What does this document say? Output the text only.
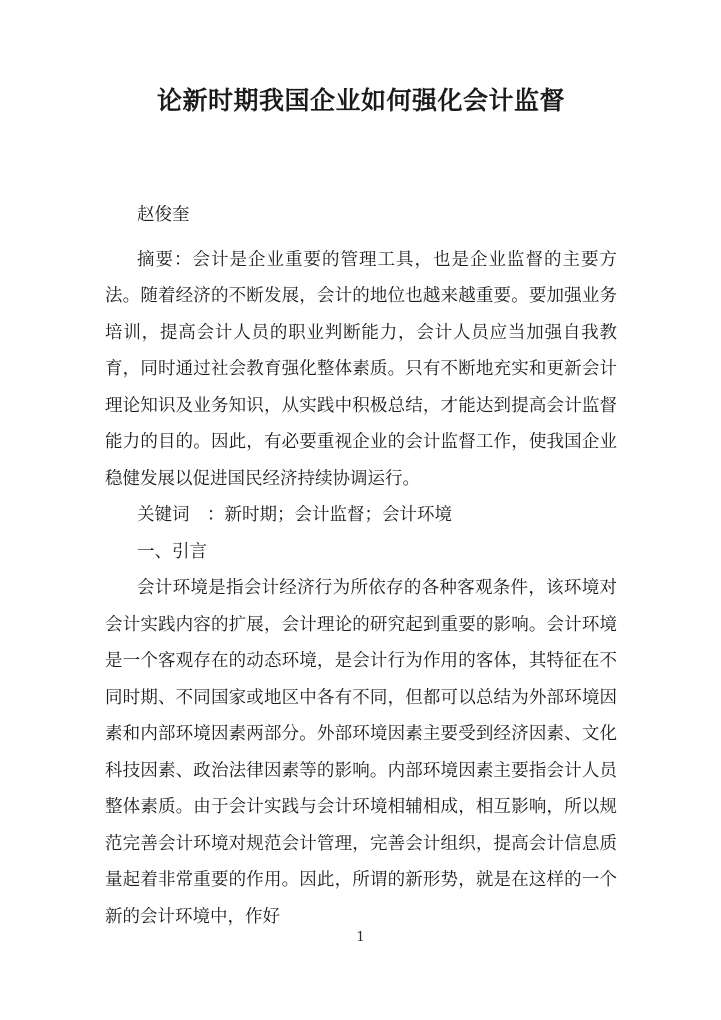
论新时期我国企业如何强化会计监督

赵俊奎

摘要：会计是企业重要的管理工具，也是企业监督的主要方法。随着经济的不断发展，会计的地位也越来越重要。要加强业务培训，提高会计人员的职业判断能力，会计人员应当加强自我教育，同时通过社会教育强化整体素质。只有不断地充实和更新会计理论知识及业务知识，从实践中积极总结，才能达到提高会计监督能力的目的。因此，有必要重视企业的会计监督工作，使我国企业稳健发展以促进国民经济持续协调运行。

关键词　：新时期；会计监督；会计环境

一、引言

会计环境是指会计经济行为所依存的各种客观条件，该环境对会计实践内容的扩展，会计理论的研究起到重要的影响。会计环境是一个客观存在的动态环境，是会计行为作用的客体，其特征在不同时期、不同国家或地区中各有不同，但都可以总结为外部环境因素和内部环境因素两部分。外部环境因素主要受到经济因素、文化科技因素、政治法律因素等的影响。内部环境因素主要指会计人员整体素质。由于会计实践与会计环境相辅相成，相互影响，所以规范完善会计环境对规范会计管理，完善会计组织，提高会计信息质量起着非常重要的作用。因此，所谓的新形势，就是在这样的一个新的会计环境中，作好

1
